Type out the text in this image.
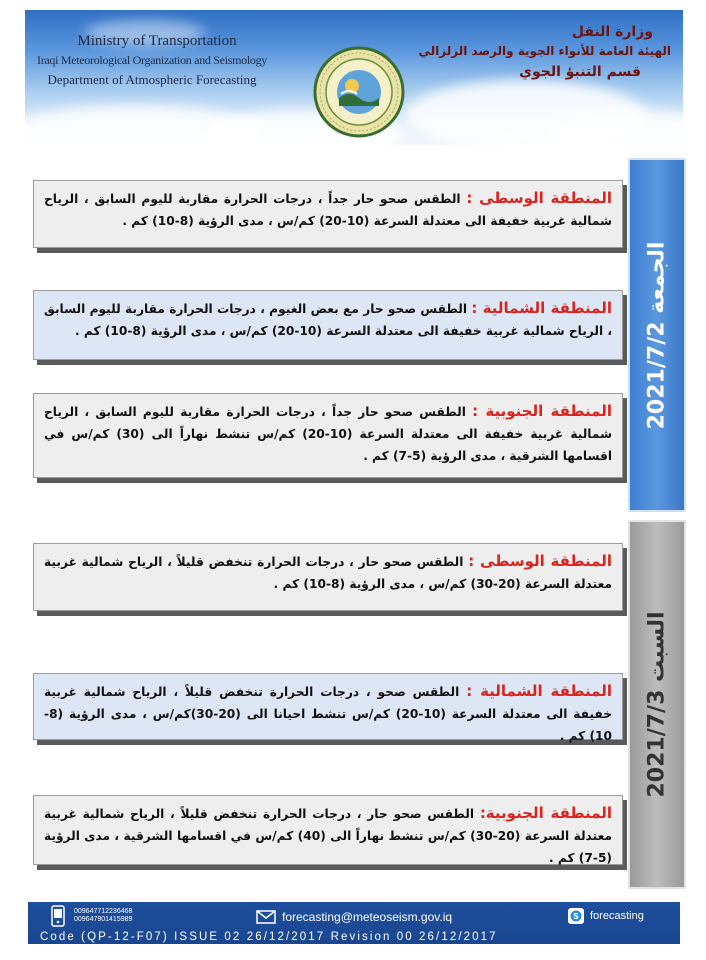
Ministry of Transportation
Iraqi Meteorological Organization and Seismology
Department of Atmospheric Forecasting
وزارة النقل
الهيئة العامة للأنواء الجوية والرصد الزلزالي
قسم التنبؤ الجوي
الجمعة 2021/7/2
السبت 2021/7/3
المنطقة الوسطى : الطقس صحو حار جداً ، درجات الحرارة مقاربة لليوم السابق ، الرياح شمالية غربية خفيفة الى معتدلة السرعة (10-20) كم/س ، مدى الرؤية (8-10) كم .
المنطقة الشمالية : الطقس صحو حار مع بعض الغيوم ، درجات الحرارة مقاربة لليوم السابق ، الرياح شمالية غربية خفيفة الى معتدلة السرعة (10-20) كم/س ، مدى الرؤية (8-10) كم .
المنطقة الجنوبية : الطقس صحو حار جداً ، درجات الحرارة مقاربة لليوم السابق ، الرياح شمالية غربية خفيفة الى معتدلة السرعة (10-20) كم/س تنشط نهاراً الى (30) كم/س في اقسامها الشرقية ، مدى الرؤية (5-7) كم .
المنطقة الوسطى : الطقس صحو حار ، درجات الحرارة تنخفض قليلاً ، الرياح شمالية غربية معتدلة السرعة (20-30) كم/س ، مدى الرؤية (8-10) كم .
المنطقة الشمالية : الطقس صحو ، درجات الحرارة تنخفض قليلاً ، الرياح شمالية غربية خفيفة الى معتدلة السرعة (10-20) كم/س تنشط احيانا الى (20-30)كم/س ، مدى الرؤية (8-10) كم .
المنطقة الجنوبية: الطقس صحو حار ، درجات الحرارة تنخفض قليلاً ، الرياح شمالية غربية معتدلة السرعة (20-30) كم/س تنشط نهاراً الى (40) كم/س في اقسامها الشرقية ، مدى الرؤية (5-7) كم .
009647712236468
009647901415989	forecasting@meteoseism.gov.iq	S forecasting
Code (QP-12-F07) ISSUE 02 26/12/2017 Revision 00 26/12/2017
